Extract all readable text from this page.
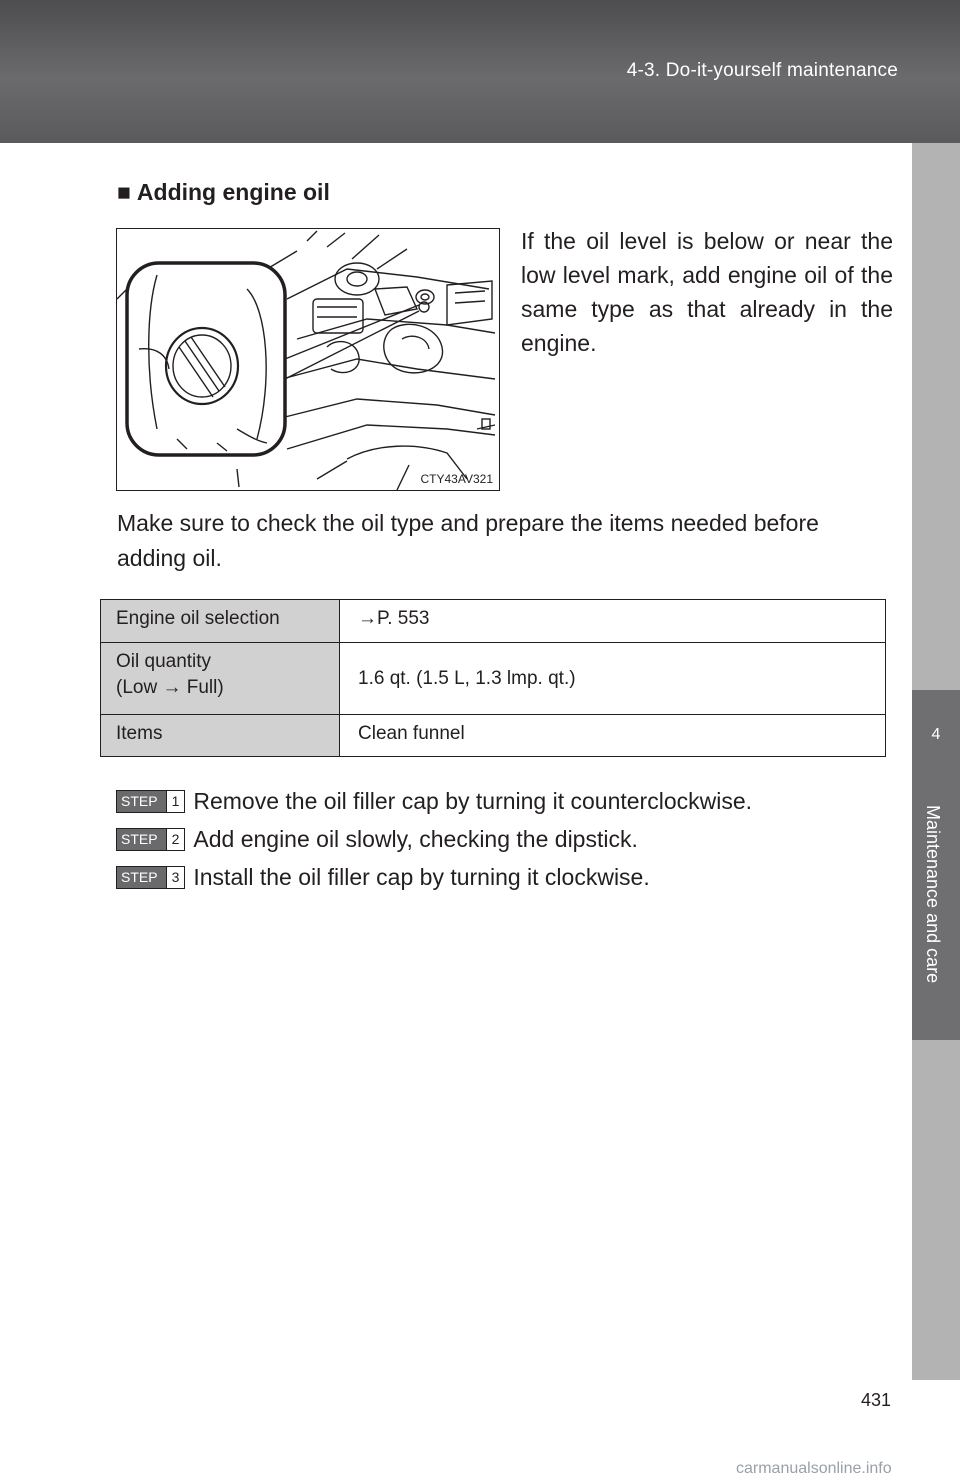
4-3. Do-it-yourself maintenance
4
Maintenance and care
■ Adding engine oil
CTY43AV321
If the oil level is below or near the low level mark, add engine oil of the same type as that already in the engine.
Make sure to check the oil type and prepare the items needed before adding oil.
Engine oil selection	→P. 553

Oil quantity
(Low → Full)	1.6 qt. (1.5 L, 1.3 lmp. qt.)
Items	Clean funnel
STEP	1 Remove the oil filler cap by turning it counterclockwise.
STEP	2 Add engine oil slowly, checking the dipstick.
STEP	3 Install the oil filler cap by turning it clockwise.
431
carmanualsonline.info
